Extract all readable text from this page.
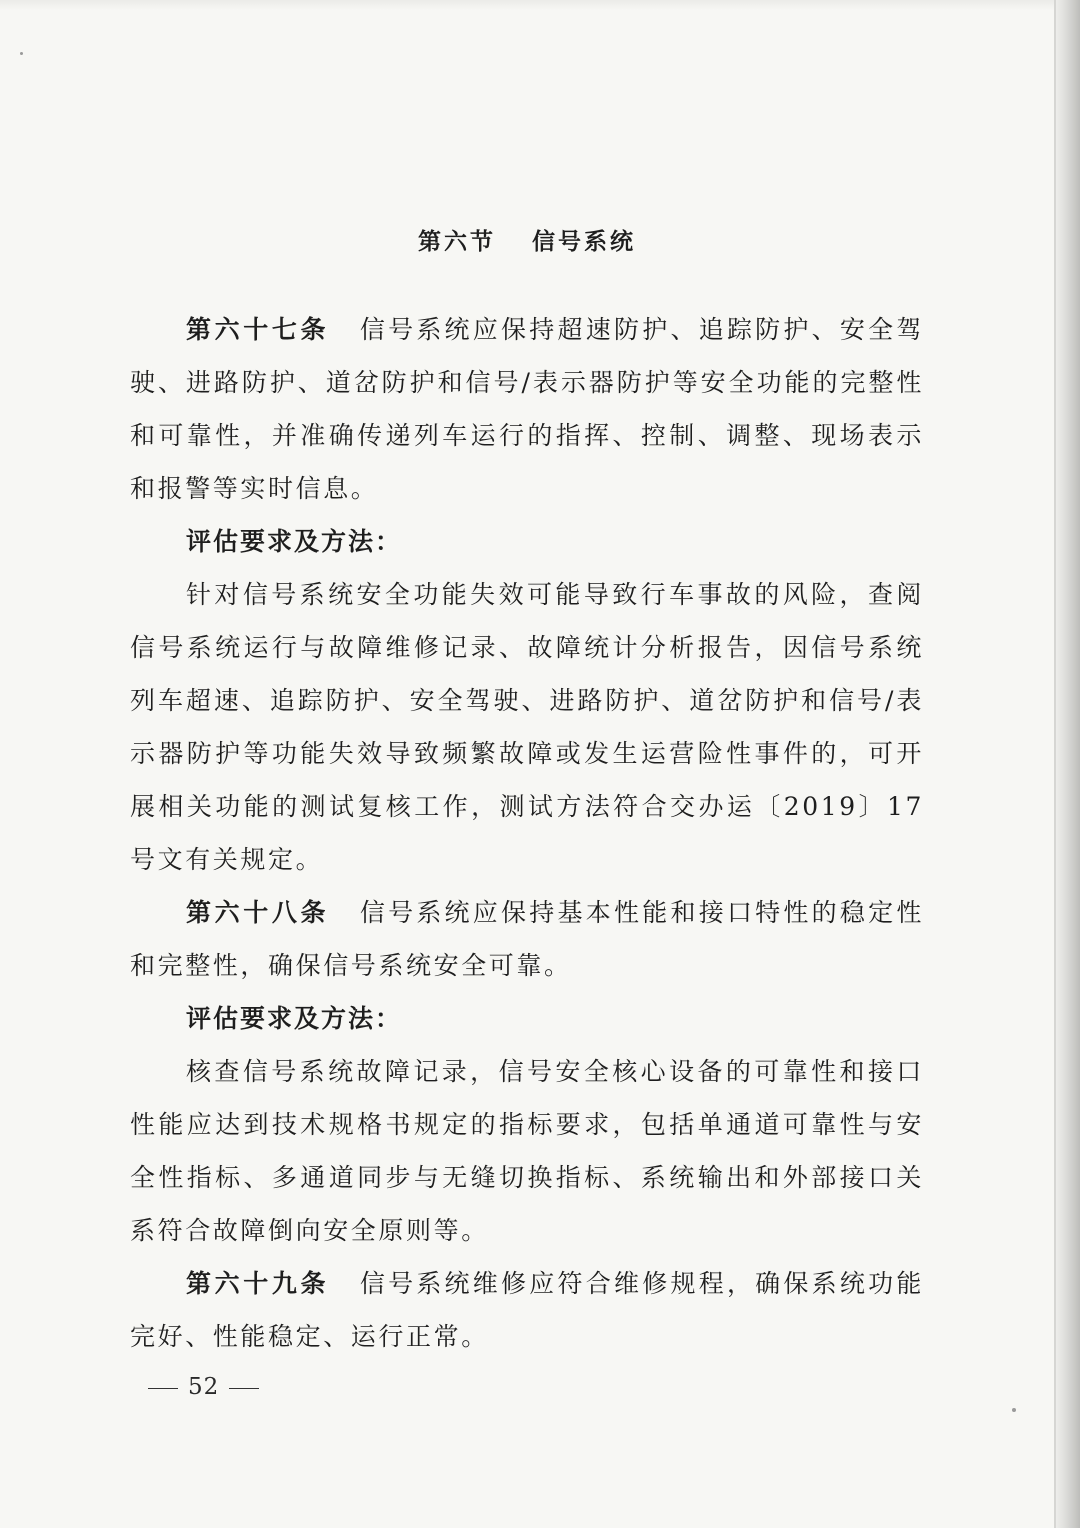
第六节 信号系统

第六十七条 信号系统应保持超速防护、追踪防护、安全驾驶、进路防护、道岔防护和信号/表示器防护等安全功能的完整性和可靠性，并准确传递列车运行的指挥、控制、调整、现场表示和报警等实时信息。

评估要求及方法：

针对信号系统安全功能失效可能导致行车事故的风险，查阅信号系统运行与故障维修记录、故障统计分析报告，因信号系统列车超速、追踪防护、安全驾驶、进路防护、道岔防护和信号/表示器防护等功能失效导致频繁故障或发生运营险性事件的，可开展相关功能的测试复核工作，测试方法符合交办运〔2019〕17号文有关规定。

第六十八条 信号系统应保持基本性能和接口特性的稳定性和完整性，确保信号系统安全可靠。

评估要求及方法：

核查信号系统故障记录，信号安全核心设备的可靠性和接口性能应达到技术规格书规定的指标要求，包括单通道可靠性与安全性指标、多通道同步与无缝切换指标、系统输出和外部接口关系符合故障倒向安全原则等。

第六十九条 信号系统维修应符合维修规程，确保系统功能完好、性能稳定、运行正常。

52
